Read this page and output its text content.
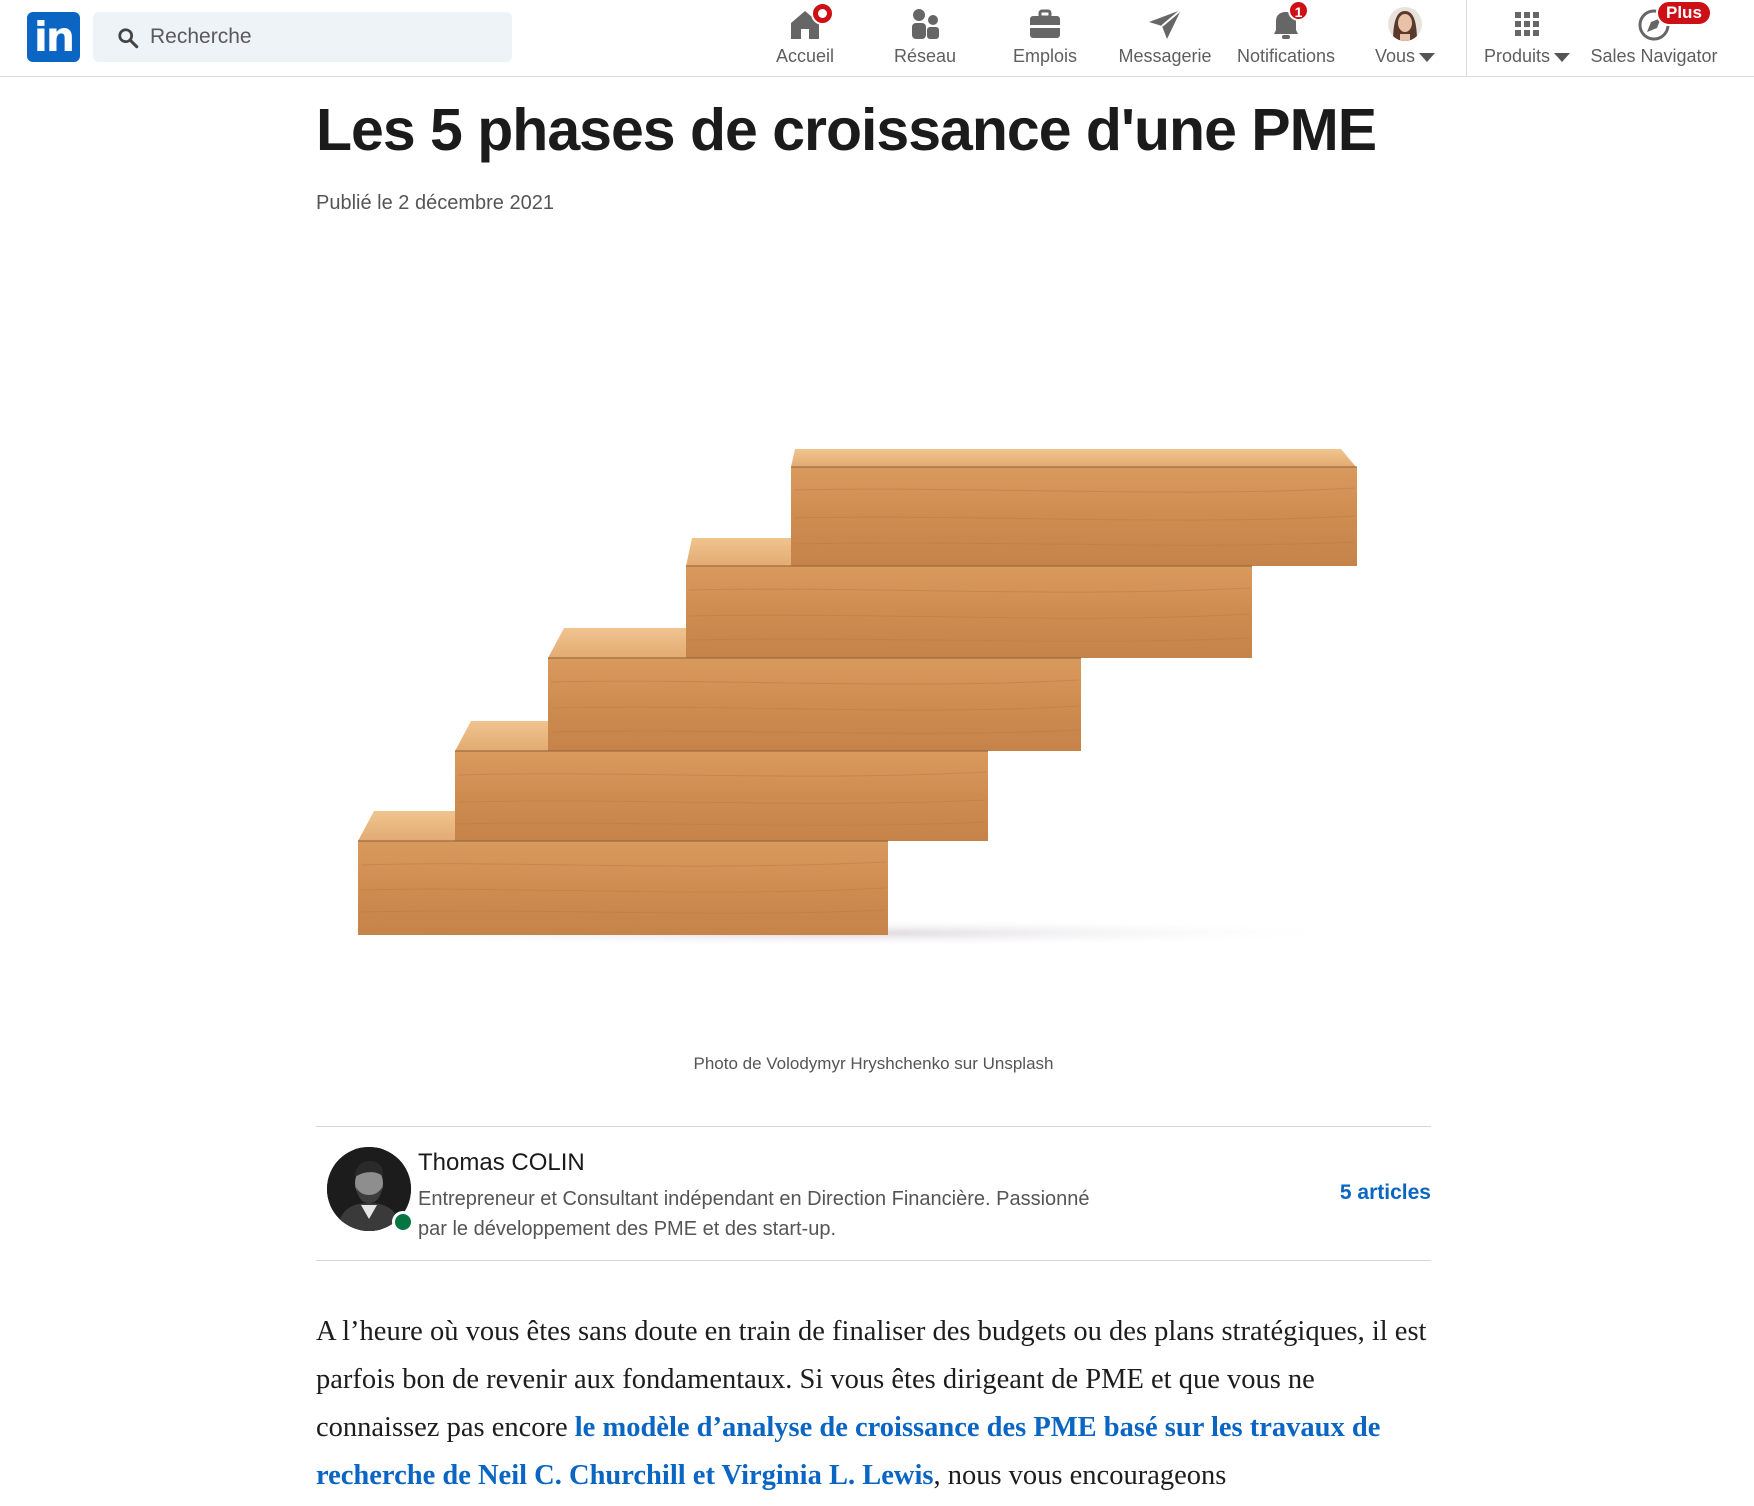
in
Recherche	Accueil	Réseau	Emplois	Messagerie
1
Notifications	Vous	Produits
Plus
Sales Navigator
Les 5 phases de croissance d'une PME
Publié le 2 décembre 2021
Photo de Volodymyr Hryshchenko sur Unsplash
Thomas COLIN
Entrepreneur et Consultant indépendant en Direction Financière. Passionné
par le développement des PME et des start-up.
5 articles

A l’heure où vous êtes sans doute en train de finaliser des budgets ou des plans stratégiques, il est parfois bon de revenir aux fondamentaux. Si vous êtes dirigeant de PME et que vous ne connaissez pas encore le modèle d’analyse de croissance des PME basé sur les travaux de recherche de Neil C. Churchill et Virginia L. Lewis, nous vous encourageons
